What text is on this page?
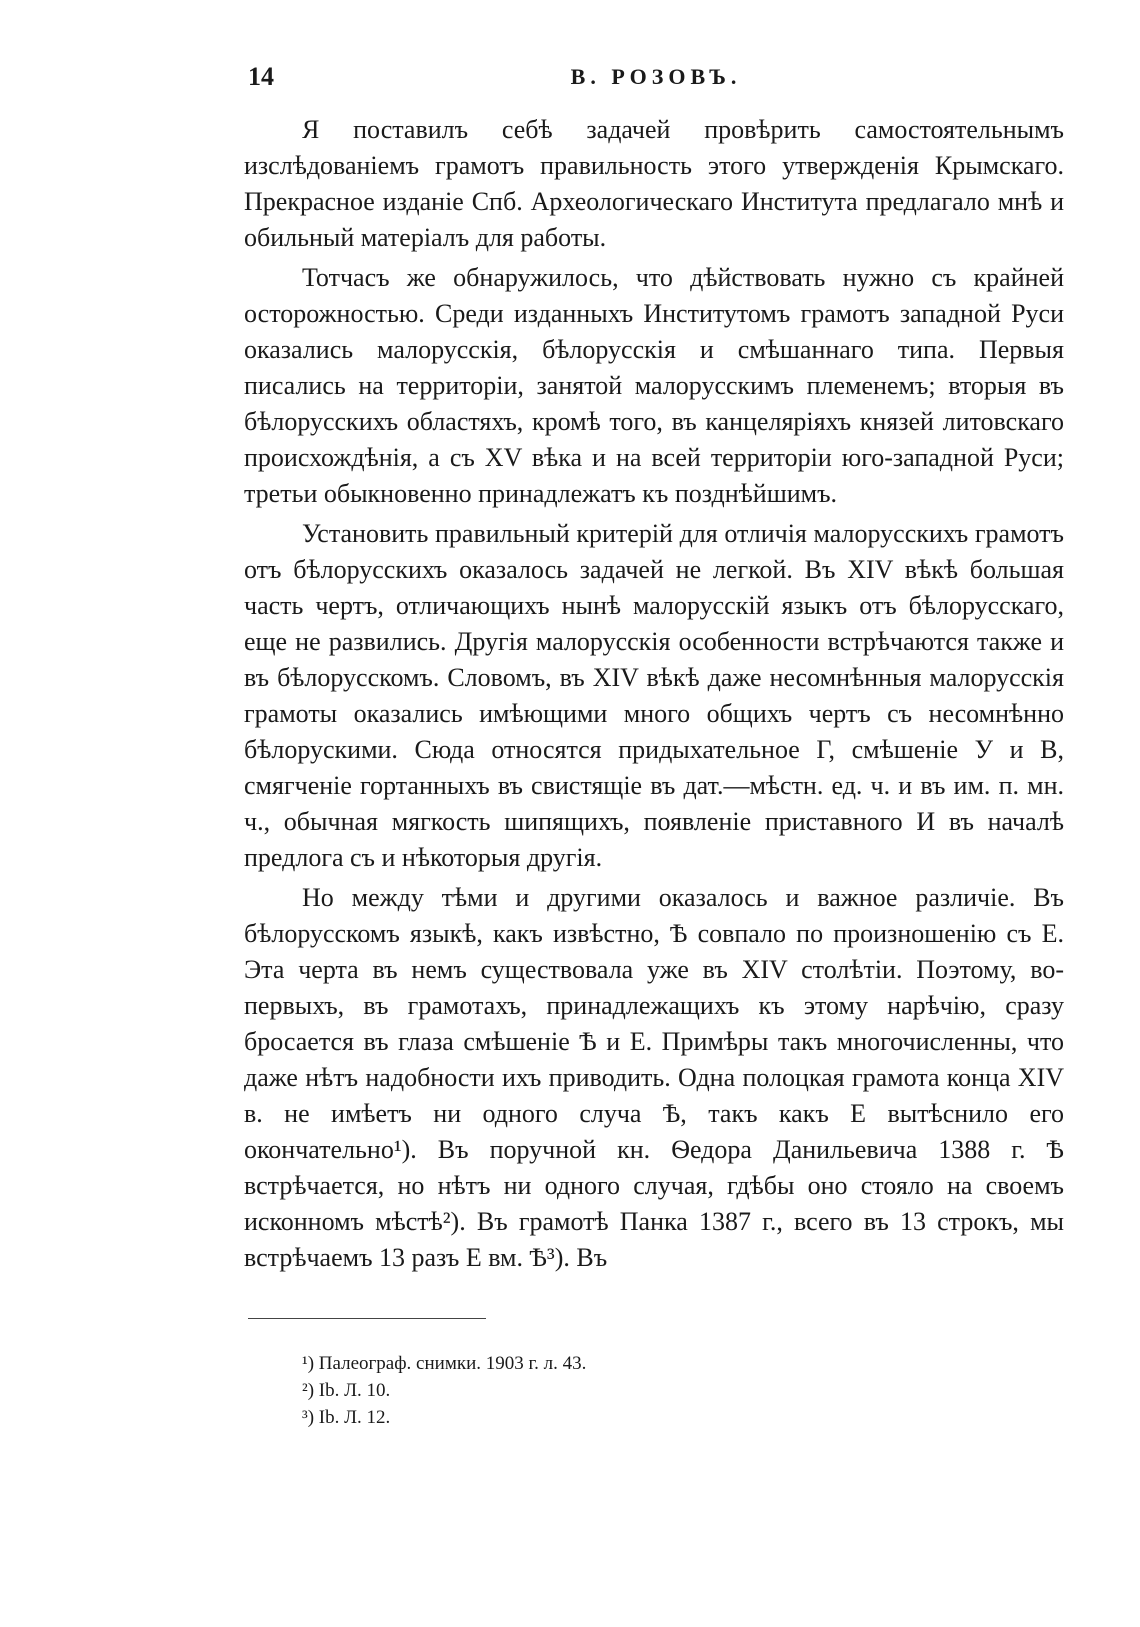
14	В. РОЗОВЪ.

Я поставилъ себѣ задачей провѣрить самостоятельнымъ изслѣдованіемъ грамотъ правильность этого утвержденія Крымскаго. Прекрасное изданіе Спб. Археологическаго Института предлагало мнѣ и обильный матеріалъ для работы.

Тотчасъ же обнаружилось, что дѣйствовать нужно съ крайней осторожностью. Среди изданныхъ Институтомъ грамотъ западной Руси оказались малорусскія, бѣлорусскія и смѣшаннаго типа. Первыя писались на территоріи, занятой малорусскимъ племенемъ; вторыя въ бѣлорусскихъ областяхъ, кромѣ того, въ канцеляріяхъ князей литовскаго происхождѣнія, а съ XV вѣка и на всей территоріи юго-западной Руси; третьи обыкновенно принадлежатъ къ позднѣйшимъ.

Установить правильный критерій для отличія малорусскихъ грамотъ отъ бѣлорусскихъ оказалось задачей не легкой. Въ XIV вѣкѣ большая часть чертъ, отличающихъ нынѣ малорусскій языкъ отъ бѣлорусскаго, еще не развились. Другія малорусскія особенности встрѣчаются также и въ бѣлорусскомъ. Словомъ, въ XIV вѣкѣ даже несомнѣнныя малорусскія грамоты оказались имѣющими много общихъ чертъ съ несомнѣнно бѣлорускими. Сюда относятся придыхательное Г, смѣшеніе У и В, смягченіе гортанныхъ въ свистящіе въ дат.—мѣстн. ед. ч. и въ им. п. мн. ч., обычная мягкость шипящихъ, появленіе приставного И въ началѣ предлога съ и нѣкоторыя другія.

Но между тѣми и другими оказалось и важное различіе. Въ бѣлорусскомъ языкѣ, какъ извѣстно, Ѣ совпало по произношенію съ Е. Эта черта въ немъ существовала уже въ XIV столѣтіи. Поэтому, во-первыхъ, въ грамотахъ, принадлежащихъ къ этому нарѣчію, сразу бросается въ глаза смѣшеніе Ѣ и Е. Примѣры такъ многочисленны, что даже нѣтъ надобности ихъ приводить. Одна полоцкая грамота конца XIV в. не имѣетъ ни одного случа Ѣ, такъ какъ Е вытѣснило его окончательно¹). Въ поручной кн. Ѳедора Данильевича 1388 г. Ѣ встрѣчается, но нѣтъ ни одного случая, гдѣбы оно стояло на своемъ исконномъ мѣстѣ²). Въ грамотѣ Панка 1387 г., всего въ 13 строкъ, мы встрѣчаемъ 13 разъ Е вм. Ѣ³). Въ

¹) Палеограф. снимки. 1903 г. л. 43.

²) Ib. Л. 10.

³) Ib. Л. 12.
